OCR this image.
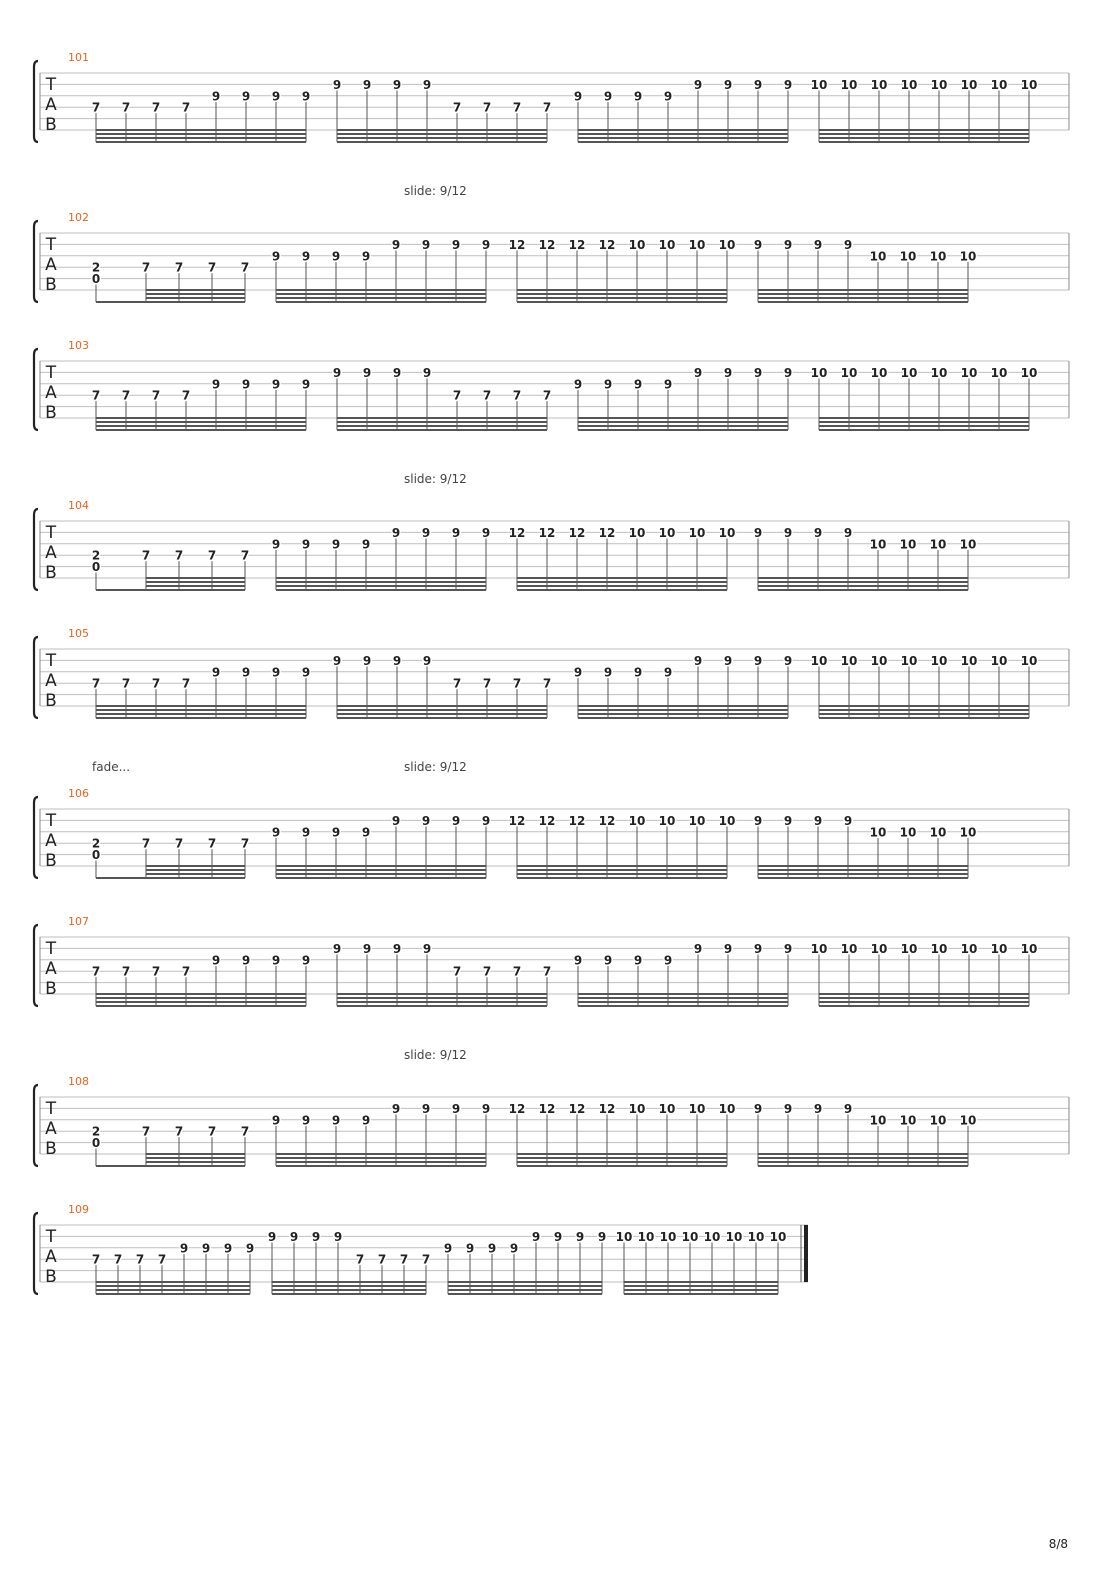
101
T
A
B
7 7 7 7
9 9 9 9
9 9 9 9
7 7 7 7
9 9 9 9
9 9 9 9 10 10 10 10 10 10 10 10
slide: 9/12
102
T
A
B
2
0
7 7 7 7
9 9 9 9
9 9 9 9 12 12 12 12 10 10 10 10 9 9 9 9
10 10 10 10
103
T
A
B
7 7 7 7
9 9 9 9
9 9 9 9
7 7 7 7
9 9 9 9
9 9 9 9 10 10 10 10 10 10 10 10
slide: 9/12
104
T
A
B
2
0
7 7 7 7
9 9 9 9
9 9 9 9 12 12 12 12 10 10 10 10 9 9 9 9
10 10 10 10
105
T
A
B
7 7 7 7
9 9 9 9
9 9 9 9
7 7 7 7
9 9 9 9
9 9 9 9 10 10 10 10 10 10 10 10
fade...	slide: 9/12
106
T
A
B
2
0
7 7 7 7
9 9 9 9
9 9 9 9 12 12 12 12 10 10 10 10 9 9 9 9
10 10 10 10
107
T
A
B
7 7 7 7
9 9 9 9
9 9 9 9
7 7 7 7
9 9 9 9
9 9 9 9 10 10 10 10 10 10 10 10
slide: 9/12
108
T
A
B
2
0
7 7 7 7
9 9 9 9
9 9 9 9 12 12 12 12 10 10 10 10 9 9 9 9
10 10 10 10
109
T
A
B
7 7 7 7
9 9 9 9
9 9 9 9
7 7 7 7
9 9 9 9
9 9 9 9 10 10 10 10 10 10 10 10
8/8
